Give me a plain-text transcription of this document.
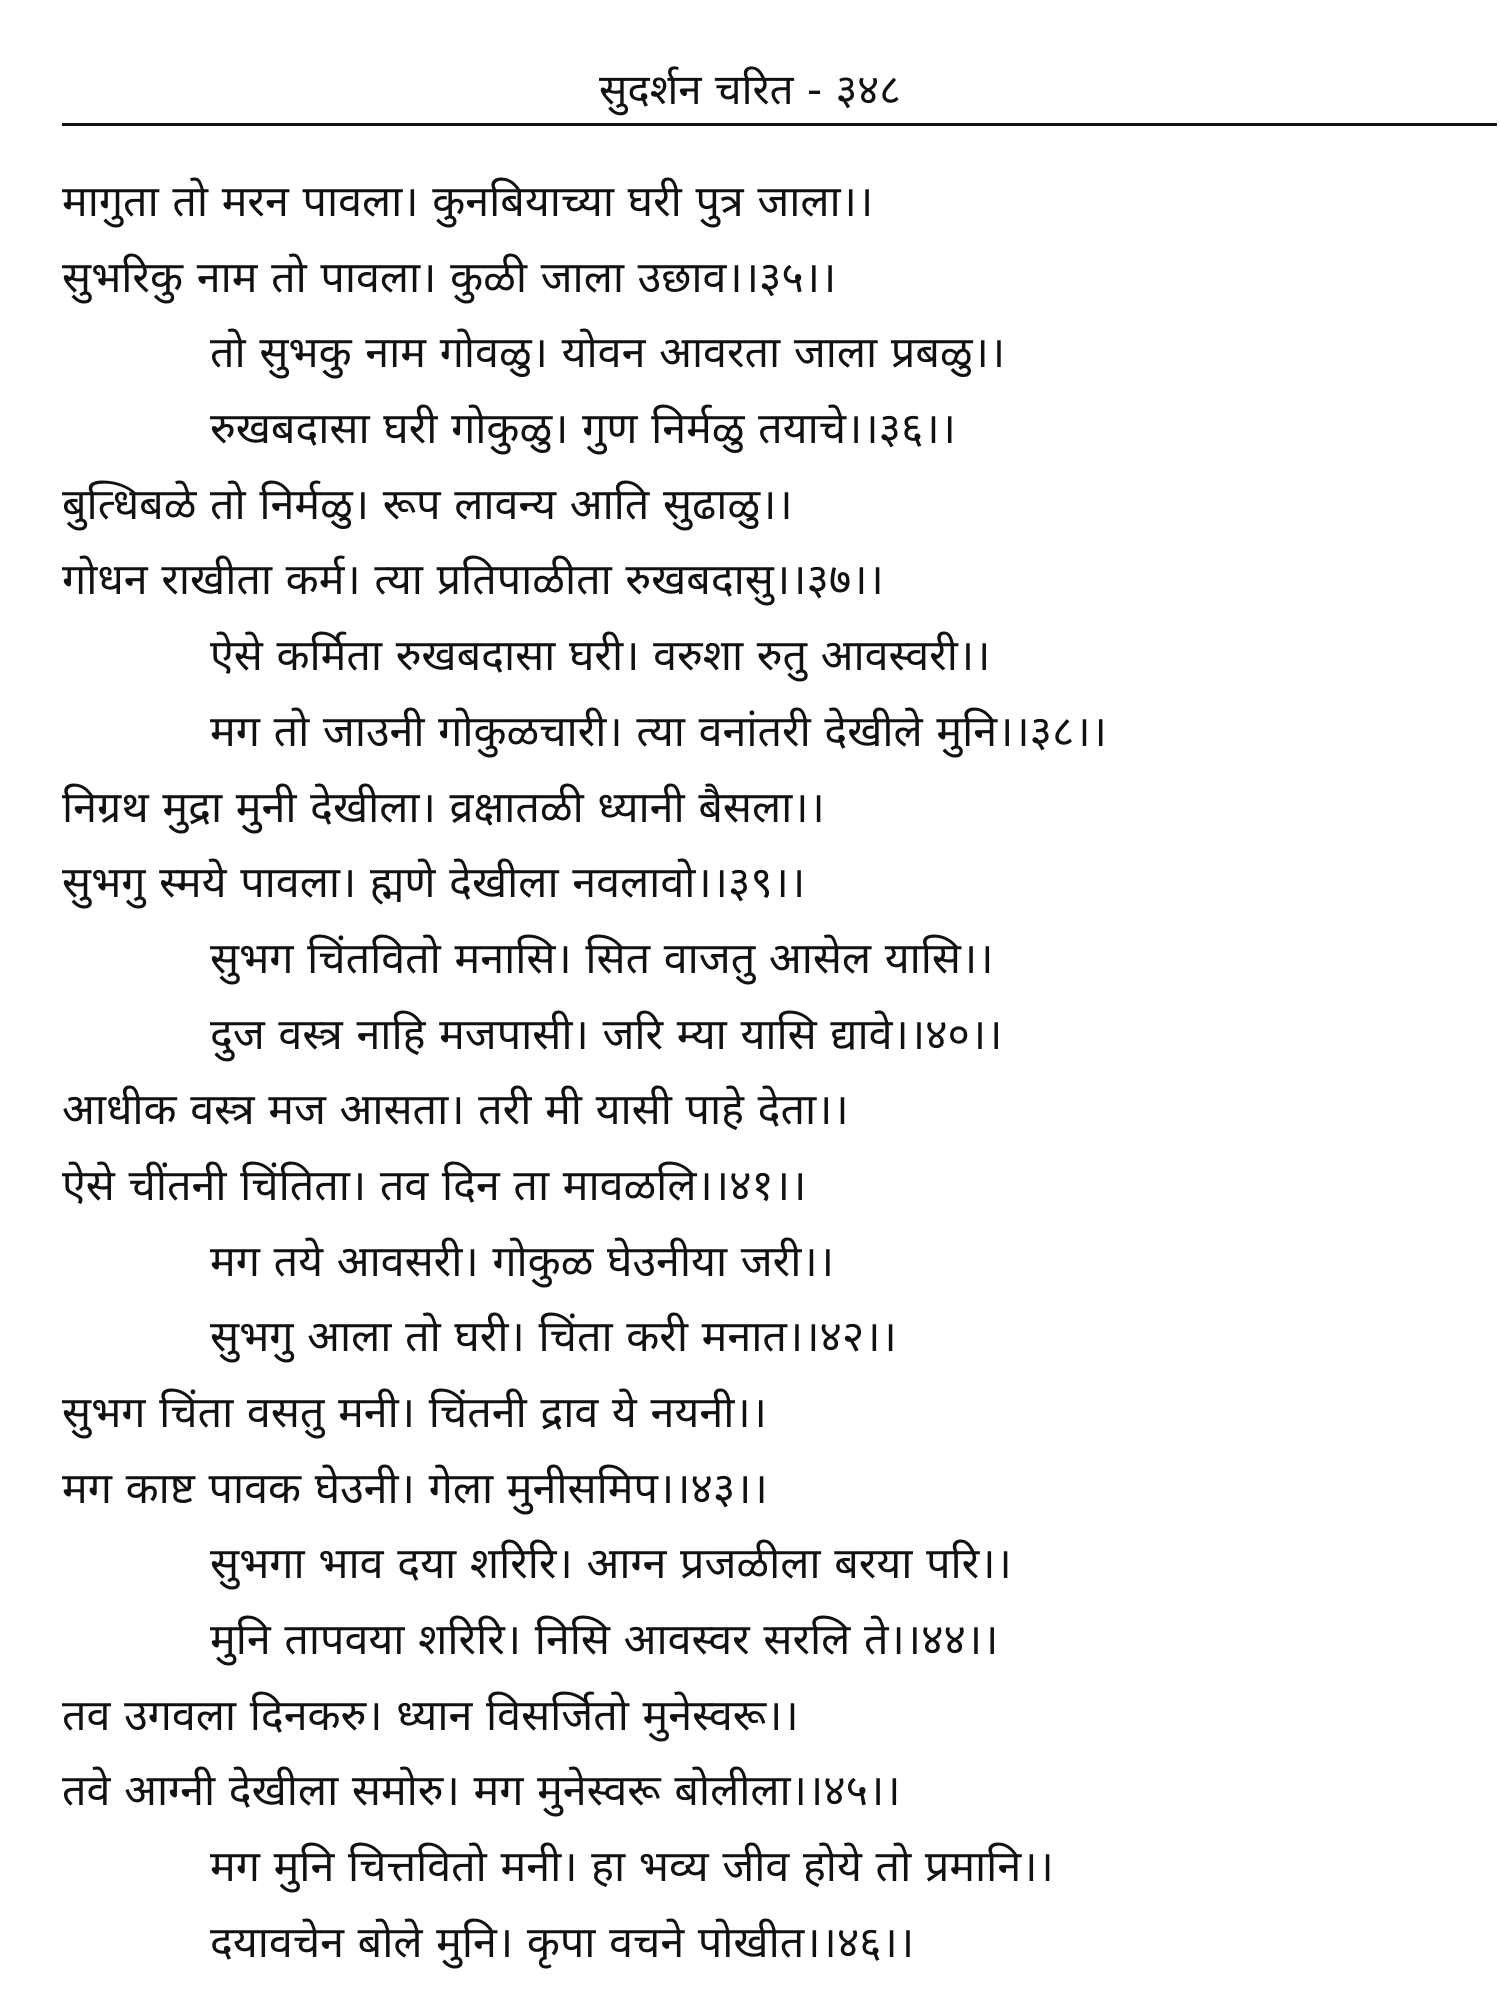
सुदर्शन चरित - ३४८
मागुता तो मरन पावला। कुनबियाच्या घरी पुत्र जाला।।
सुभरिकु नाम तो पावला। कुळी जाला उछाव।।३५।।
तो सुभकु नाम गोवळु। योवन आवरता जाला प्रबळु।।
रुखबदासा घरी गोकुळु। गुण निर्मळु तयाचे।।३६।।
बुत्धिबळे तो निर्मळु। रूप लावन्य आति सुढाळु।।
गोधन राखीता कर्म। त्या प्रतिपाळीता रुखबदासु।।३७।।
ऐसे कर्मिता रुखबदासा घरी। वरुशा रुतु आवस्वरी।।
मग तो जाउनी गोकुळचारी। त्या वनांतरी देखीले मुनि।।३८।।
निग्रथ मुद्रा मुनी देखीला। व्रक्षातळी ध्यानी बैसला।।
सुभगु स्मये पावला। ह्मणे देखीला नवलावो।।३९।।
सुभग चिंतवितो मनासि। सित वाजतु आसेल यासि।।
दुज वस्त्र नाहि मजपासी। जरि म्या यासि द्यावे।।४०।।
आधीक वस्त्र मज आसता। तरी मी यासी पाहे देता।।
ऐसे चींतनी चिंतिता। तव दिन ता मावळलि।।४१।।
मग तये आवसरी। गोकुळ घेउनीया जरी।।
सुभगु आला तो घरी। चिंता करी मनात।।४२।।
सुभग चिंता वसतु मनी। चिंतनी द्राव ये नयनी।।
मग काष्ट पावक घेउनी। गेला मुनीसमिप।।४३।।
सुभगा भाव दया शरिरि। आग्न प्रजळीला बरया परि।।
मुनि तापवया शरिरि। निसि आवस्वर सरलि ते।।४४।।
तव उगवला दिनकरु। ध्यान विसर्जितो मुनेस्वरू।।
तवे आग्नी देखीला समोरु। मग मुनेस्वरू बोलीला।।४५।।
मग मुनि चित्तवितो मनी। हा भव्य जीव होये तो प्रमानि।।
दयावचेन बोले मुनि। कृपा वचने पोखीत।।४६।।
